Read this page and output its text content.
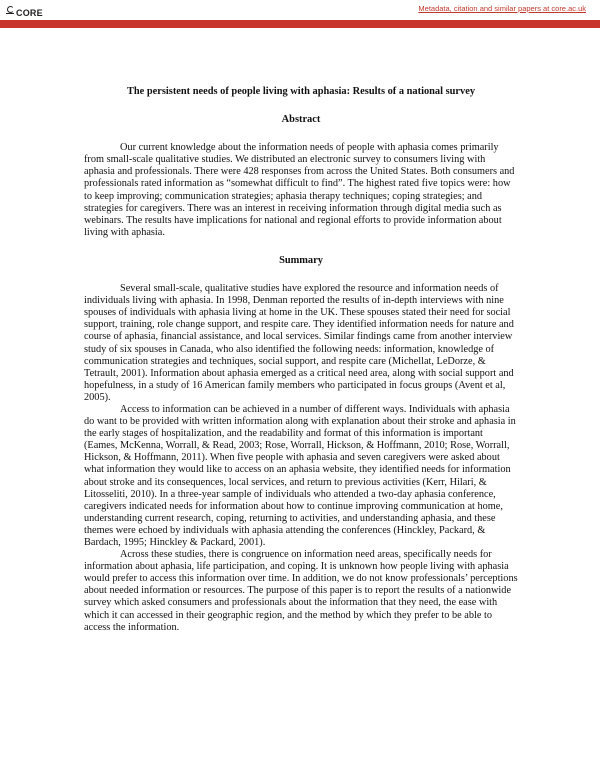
CORE	Metadata, citation and similar papers at core.ac.uk
Provided by The Aphasiology Archive
The persistent needs of people living with aphasia: Results of a national survey
Abstract

Our current knowledge about the information needs of people with aphasia comes primarily from small-scale qualitative studies. We distributed an electronic survey to consumers living with aphasia and professionals. There were 428 responses from across the United States. Both consumers and professionals rated information as “somewhat difficult to find”. The highest rated five topics were: how to keep improving; communication strategies; aphasia therapy techniques; coping strategies; and strategies for caregivers. There was an interest in receiving information through digital media such as webinars. The results have implications for national and regional efforts to provide information about living with aphasia.

Summary

Several small-scale, qualitative studies have explored the resource and information needs of individuals living with aphasia. In 1998, Denman reported the results of in-depth interviews with nine spouses of individuals with aphasia living at home in the UK. These spouses stated their need for social support, training, role change support, and respite care. They identified information needs for nature and course of aphasia, financial assistance, and local services. Similar findings came from another interview study of six spouses in Canada, who also identified the following needs: information, knowledge of communication strategies and techniques, social support, and respite care (Michellat, LeDorze, & Tetrault, 2001). Information about aphasia emerged as a critical need area, along with social support and hopefulness, in a study of 16 American family members who participated in focus groups (Avent et al, 2005).

Access to information can be achieved in a number of different ways. Individuals with aphasia do want to be provided with written information along with explanation about their stroke and aphasia in the early stages of hospitalization, and the readability and format of this information is important (Eames, McKenna, Worrall, & Read, 2003; Rose, Worrall, Hickson, & Hoffmann, 2010; Rose, Worrall, Hickson, & Hoffmann, 2011). When five people with aphasia and seven caregivers were asked about what information they would like to access on an aphasia website, they identified needs for information about stroke and its consequences, local services, and return to previous activities (Kerr, Hilari, & Litosseliti, 2010). In a three-year sample of individuals who attended a two-day aphasia conference, caregivers indicated needs for information about how to continue improving communication at home, understanding current research, coping, returning to activities, and understanding aphasia, and these themes were echoed by individuals with aphasia attending the conferences (Hinckley, Packard, & Bardach, 1995; Hinckley & Packard, 2001).

Across these studies, there is congruence on information need areas, specifically needs for information about aphasia, life participation, and coping. It is unknown how people living with aphasia would prefer to access this information over time. In addition, we do not know professionals’ perceptions about needed information or resources. The purpose of this paper is to report the results of a nationwide survey which asked consumers and professionals about the information that they need, the ease with which it can accessed in their geographic region, and the method by which they prefer to be able to access the information.
